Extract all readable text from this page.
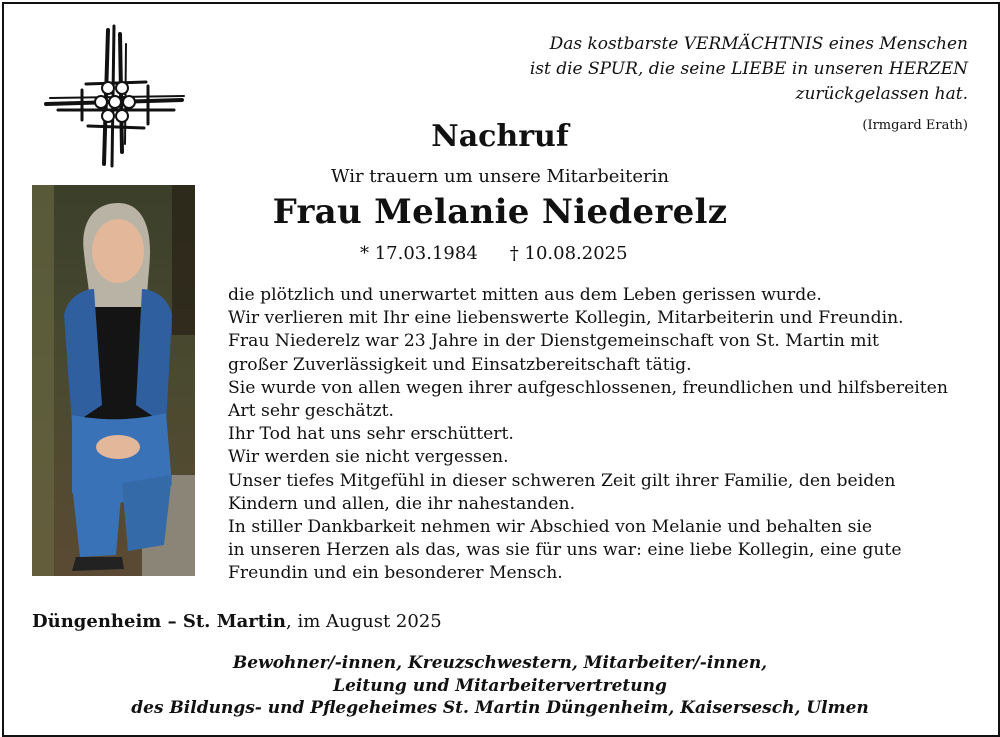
Das kostbarste VERMÄCHTNIS eines Menschen
ist die SPUR, die seine LIEBE in unseren HERZEN
zurückgelassen hat.
(Irmgard Erath)
Nachruf
Wir trauern um unsere Mitarbeiterin
Frau Melanie Niederelz
* 17.03.1984 † 10.08.2025
die plötzlich und unerwartet mitten aus dem Leben gerissen wurde.
Wir verlieren mit Ihr eine liebenswerte Kollegin, Mitarbeiterin und Freundin.
Frau Niederelz war 23 Jahre in der Dienstgemeinschaft von St. Martin mit
großer Zuverlässigkeit und Einsatzbereitschaft tätig.
Sie wurde von allen wegen ihrer aufgeschlossenen, freundlichen und hilfsbereiten
Art sehr geschätzt.
Ihr Tod hat uns sehr erschüttert.
Wir werden sie nicht vergessen.
Unser tiefes Mitgefühl in dieser schweren Zeit gilt ihrer Familie, den beiden
Kindern und allen, die ihr nahestanden.
In stiller Dankbarkeit nehmen wir Abschied von Melanie und behalten sie
in unseren Herzen als das, was sie für uns war: eine liebe Kollegin, eine gute
Freundin und ein besonderer Mensch.
Düngenheim – St. Martin, im August 2025
Bewohner/-innen, Kreuzschwestern, Mitarbeiter/-innen,
Leitung und Mitarbeitervertretung
des Bildungs- und Pflegeheimes St. Martin Düngenheim, Kaisersesch, Ulmen
